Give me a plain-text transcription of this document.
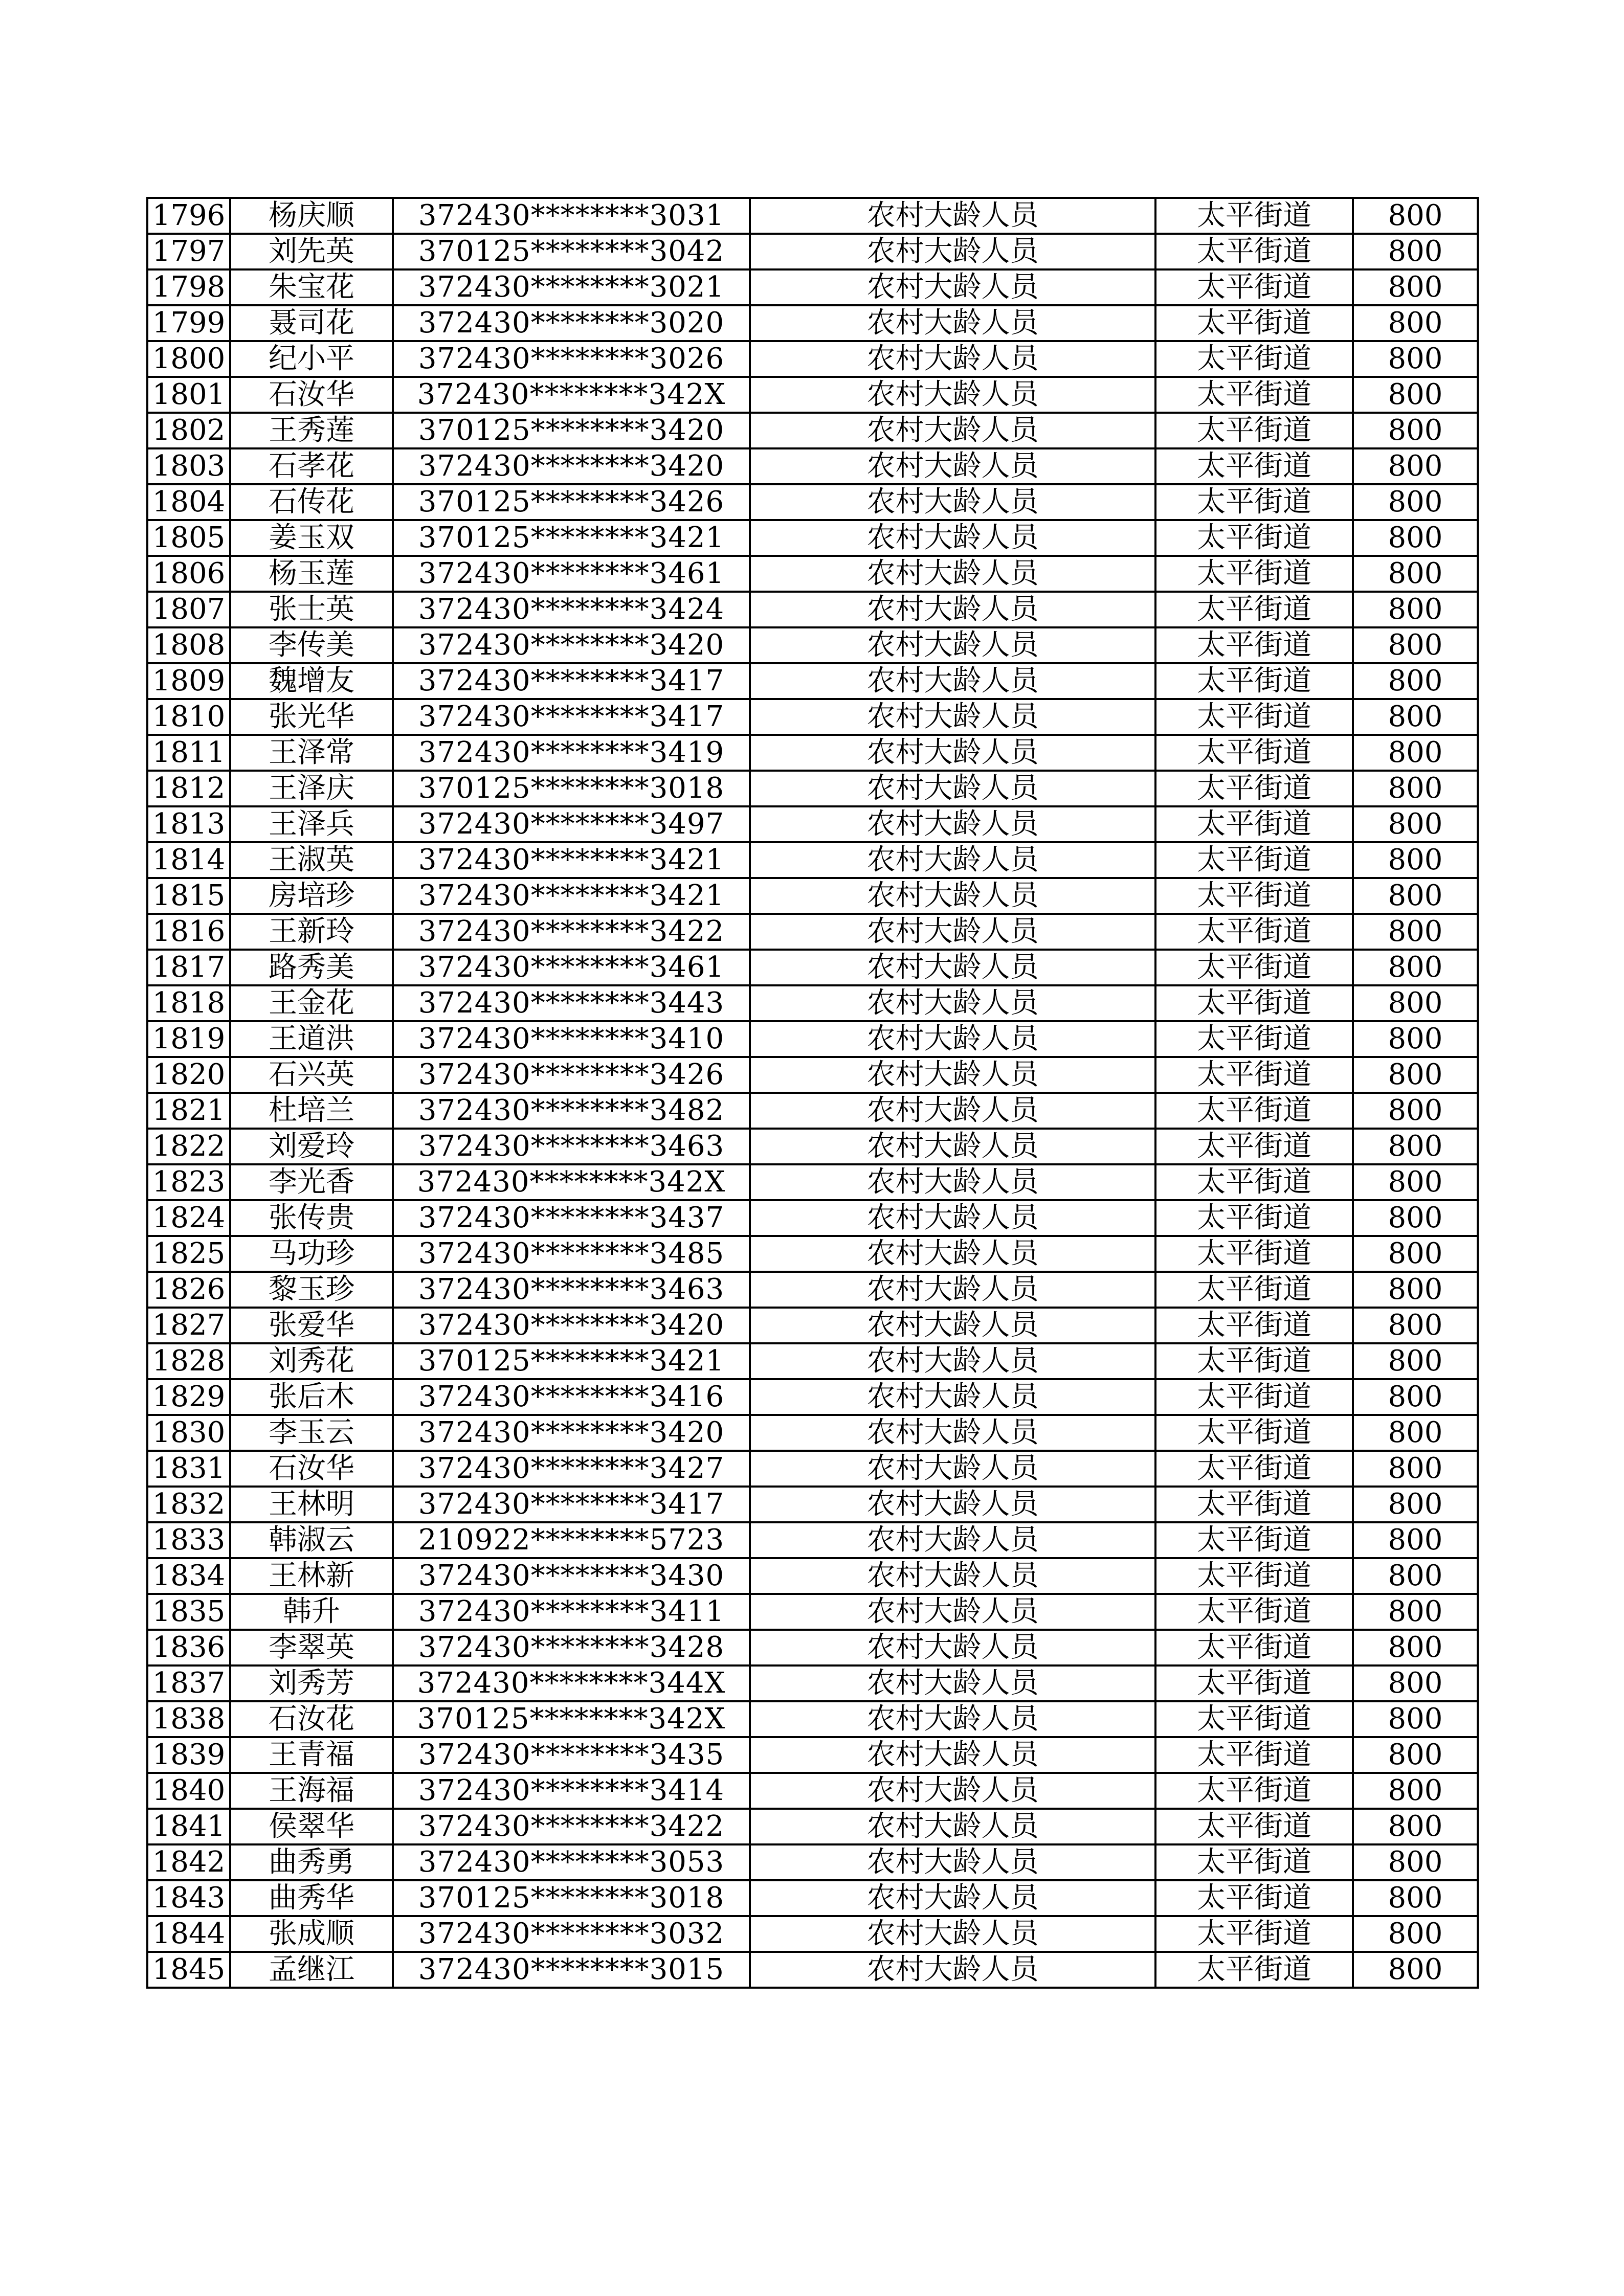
1796	杨庆顺	372430********3031	农村大龄人员	太平街道	800
1797	刘先英	370125********3042	农村大龄人员	太平街道	800
1798	朱宝花	372430********3021	农村大龄人员	太平街道	800
1799	聂司花	372430********3020	农村大龄人员	太平街道	800
1800	纪小平	372430********3026	农村大龄人员	太平街道	800
1801	石汝华	372430********342X	农村大龄人员	太平街道	800
1802	王秀莲	370125********3420	农村大龄人员	太平街道	800
1803	石孝花	372430********3420	农村大龄人员	太平街道	800
1804	石传花	370125********3426	农村大龄人员	太平街道	800
1805	姜玉双	370125********3421	农村大龄人员	太平街道	800
1806	杨玉莲	372430********3461	农村大龄人员	太平街道	800
1807	张士英	372430********3424	农村大龄人员	太平街道	800
1808	李传美	372430********3420	农村大龄人员	太平街道	800
1809	魏增友	372430********3417	农村大龄人员	太平街道	800
1810	张光华	372430********3417	农村大龄人员	太平街道	800
1811	王泽常	372430********3419	农村大龄人员	太平街道	800
1812	王泽庆	370125********3018	农村大龄人员	太平街道	800
1813	王泽兵	372430********3497	农村大龄人员	太平街道	800
1814	王淑英	372430********3421	农村大龄人员	太平街道	800
1815	房培珍	372430********3421	农村大龄人员	太平街道	800
1816	王新玲	372430********3422	农村大龄人员	太平街道	800
1817	路秀美	372430********3461	农村大龄人员	太平街道	800
1818	王金花	372430********3443	农村大龄人员	太平街道	800
1819	王道洪	372430********3410	农村大龄人员	太平街道	800
1820	石兴英	372430********3426	农村大龄人员	太平街道	800
1821	杜培兰	372430********3482	农村大龄人员	太平街道	800
1822	刘爱玲	372430********3463	农村大龄人员	太平街道	800
1823	李光香	372430********342X	农村大龄人员	太平街道	800
1824	张传贵	372430********3437	农村大龄人员	太平街道	800
1825	马功珍	372430********3485	农村大龄人员	太平街道	800
1826	黎玉珍	372430********3463	农村大龄人员	太平街道	800
1827	张爱华	372430********3420	农村大龄人员	太平街道	800
1828	刘秀花	370125********3421	农村大龄人员	太平街道	800
1829	张后木	372430********3416	农村大龄人员	太平街道	800
1830	李玉云	372430********3420	农村大龄人员	太平街道	800
1831	石汝华	372430********3427	农村大龄人员	太平街道	800
1832	王林明	372430********3417	农村大龄人员	太平街道	800
1833	韩淑云	210922********5723	农村大龄人员	太平街道	800
1834	王林新	372430********3430	农村大龄人员	太平街道	800
1835	韩升	372430********3411	农村大龄人员	太平街道	800
1836	李翠英	372430********3428	农村大龄人员	太平街道	800
1837	刘秀芳	372430********344X	农村大龄人员	太平街道	800
1838	石汝花	370125********342X	农村大龄人员	太平街道	800
1839	王青福	372430********3435	农村大龄人员	太平街道	800
1840	王海福	372430********3414	农村大龄人员	太平街道	800
1841	侯翠华	372430********3422	农村大龄人员	太平街道	800
1842	曲秀勇	372430********3053	农村大龄人员	太平街道	800
1843	曲秀华	370125********3018	农村大龄人员	太平街道	800
1844	张成顺	372430********3032	农村大龄人员	太平街道	800
1845	孟继江	372430********3015	农村大龄人员	太平街道	800
